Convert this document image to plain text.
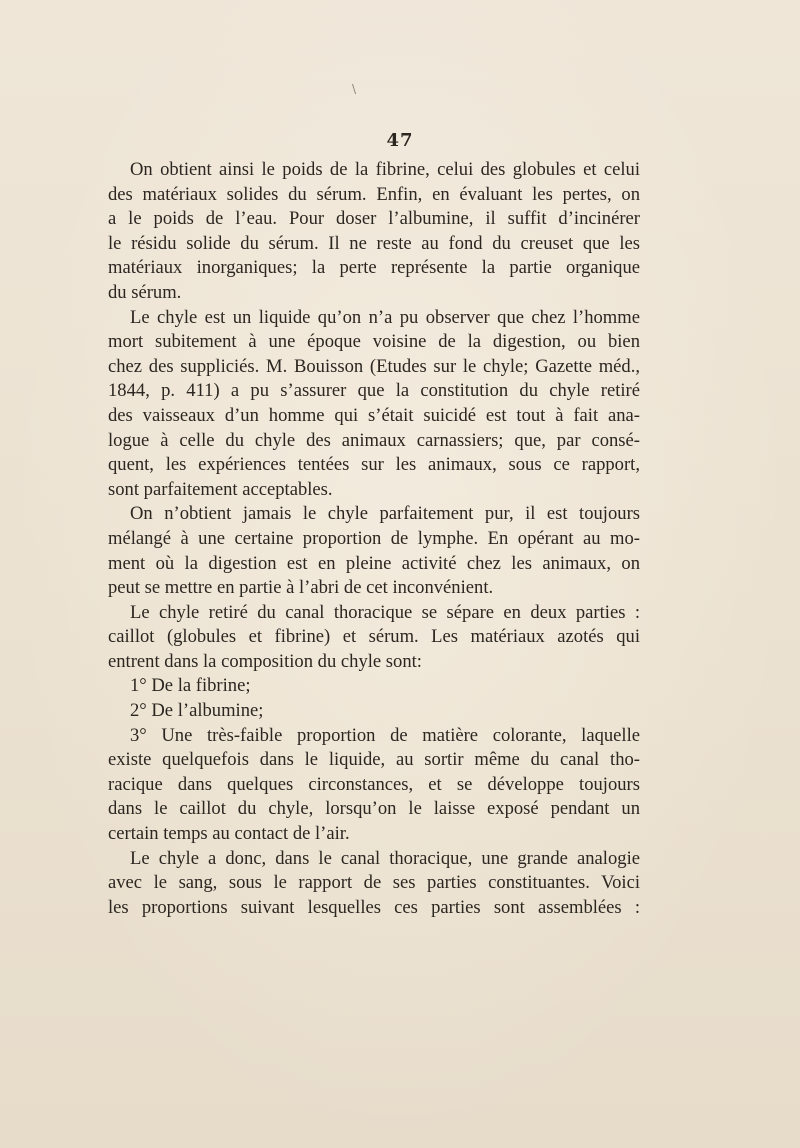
47
On obtient ainsi le poids de la fibrine, celui des globules et celui
des matériaux solides du sérum. Enfin, en évaluant les pertes, on
a le poids de l’eau. Pour doser l’albumine, il suffit d’incinérer
le résidu solide du sérum. Il ne reste au fond du creuset que les
matériaux inorganiques; la perte représente la partie organique
du sérum.
Le chyle est un liquide qu’on n’a pu observer que chez l’homme
mort subitement à une époque voisine de la digestion, ou bien
chez des suppliciés. M. Bouisson (Etudes sur le chyle; Gazette méd.,
1844, p. 411) a pu s’assurer que la constitution du chyle retiré
des vaisseaux d’un homme qui s’était suicidé est tout à fait ana-
logue à celle du chyle des animaux carnassiers; que, par consé-
quent, les expériences tentées sur les animaux, sous ce rapport,
sont parfaitement acceptables.
On n’obtient jamais le chyle parfaitement pur, il est toujours
mélangé à une certaine proportion de lymphe. En opérant au mo-
ment où la digestion est en pleine activité chez les animaux, on
peut se mettre en partie à l’abri de cet inconvénient.
Le chyle retiré du canal thoracique se sépare en deux parties :
caillot (globules et fibrine) et sérum. Les matériaux azotés qui
entrent dans la composition du chyle sont:
1° De la fibrine;
2° De l’albumine;
3° Une très-faible proportion de matière colorante, laquelle
existe quelquefois dans le liquide, au sortir même du canal tho-
racique dans quelques circonstances, et se développe toujours
dans le caillot du chyle, lorsqu’on le laisse exposé pendant un
certain temps au contact de l’air.
Le chyle a donc, dans le canal thoracique, une grande analogie
avec le sang, sous le rapport de ses parties constituantes. Voici
les proportions suivant lesquelles ces parties sont assemblées :
\
